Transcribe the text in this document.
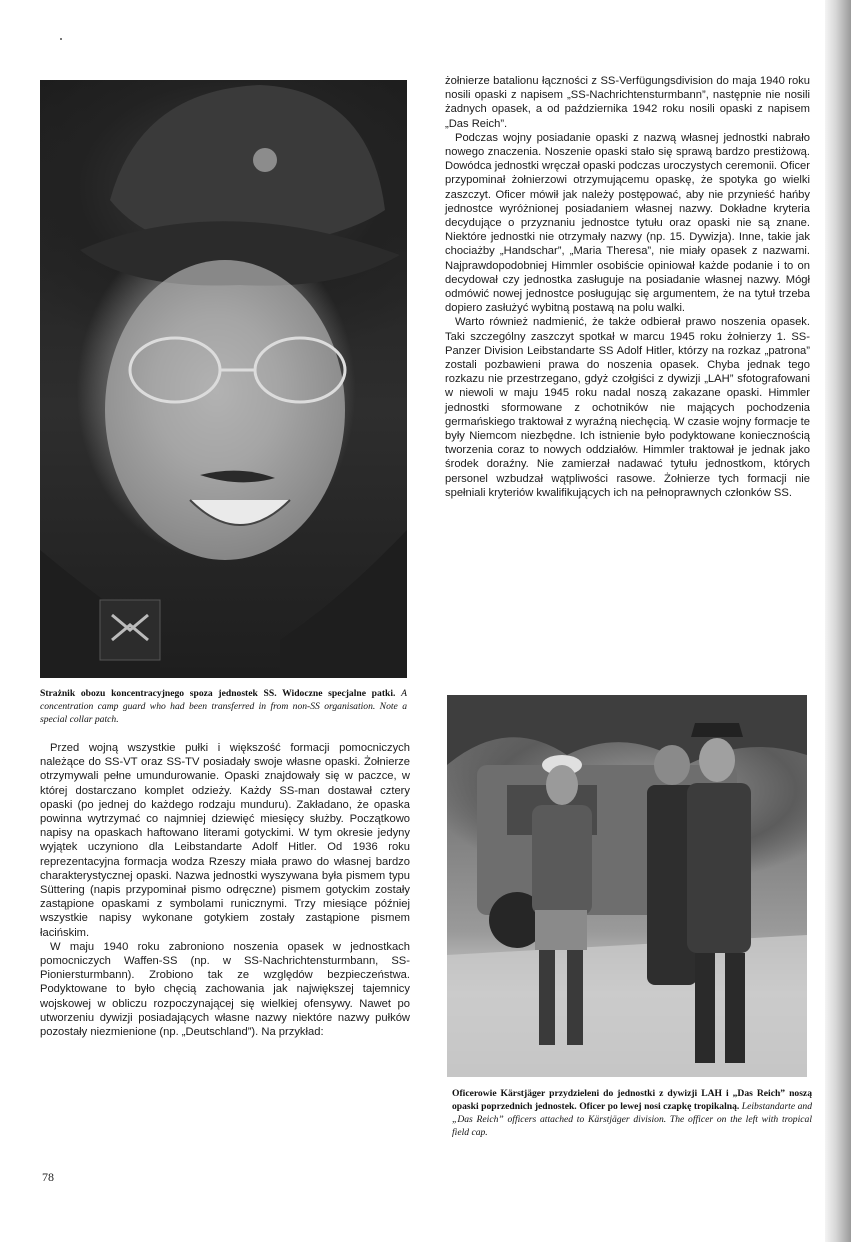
Strażnik obozu koncentracyjnego spoza jednostek SS. Widoczne specjalne patki. A concentration camp guard who had been transferred in from non-SS organisation. Note a special collar patch.

żołnierze batalionu łączności z SS-Verfügungsdivision do maja 1940 roku nosili opaski z napisem „SS-Nachrichtensturmbann”, następnie nie nosili żadnych opasek, a od października 1942 roku nosili opaski z napisem „Das Reich”.

Podczas wojny posiadanie opaski z nazwą własnej jednostki nabrało nowego znaczenia. Noszenie opaski stało się sprawą bardzo prestiżową. Dowódca jednostki wręczał opaski podczas uroczystych ceremonii. Oficer przypominał żołnierzowi otrzymującemu opaskę, że spotyka go wielki zaszczyt. Oficer mówił jak należy postępować, aby nie przynieść hańby jednostce wyróżnionej posiadaniem własnej nazwy. Dokładne kryteria decydujące o przyznaniu jednostce tytułu oraz opaski nie są znane. Niektóre jednostki nie otrzymały nazwy (np. 15. Dywizja). Inne, takie jak chociażby „Handschar”, „Maria Theresa”, nie miały opasek z nazwami. Najprawdopodobniej Himmler osobiście opiniował każde podanie i to on decydował czy jednostka zasługuje na posiadanie własnej nazwy. Mógł odmówić nowej jednostce posługując się argumentem, że na tytuł trzeba dopiero zasłużyć wybitną postawą na polu walki.

Warto również nadmienić, że także odbierał prawo noszenia opasek. Taki szczególny zaszczyt spotkał w marcu 1945 roku żołnierzy 1. SS-Panzer Division Leibstandarte SS Adolf Hitler, którzy na rozkaz „patrona” zostali pozbawieni prawa do noszenia opasek. Chyba jednak tego rozkazu nie przestrzegano, gdyż czołgiści z dywizji „LAH” sfotografowani w niewoli w maju 1945 roku nadal noszą zakazane opaski. Himmler jednostki sformowane z ochotników nie mających pochodzenia germańskiego traktował z wyraźną niechęcią. W czasie wojny formacje te były Niemcom niezbędne. Ich istnienie było podyktowane koniecznością tworzenia coraz to nowych oddziałów. Himmler traktował je jednak jako środek doraźny. Nie zamierzał nadawać tytułu jednostkom, których personel wzbudzał wątpliwości rasowe. Żołnierze tych formacji nie spełniali kryteriów kwalifikujących ich na pełnoprawnych członków SS.

Oficerowie Kärstjäger przydzieleni do jednostki z dywizji LAH i „Das Reich” noszą opaski poprzednich jednostek. Oficer po lewej nosi czapkę tropikalną. Leibstandarte and „Das Reich” officers attached to Kärstjäger division. The officer on the left with tropical field cap.

Przed wojną wszystkie pułki i większość formacji pomocniczych należące do SS-VT oraz SS-TV posiadały swoje własne opaski. Żołnierze otrzymywali pełne umundurowanie. Opaski znajdowały się w paczce, w której dostarczano komplet odzieży. Każdy SS-man dostawał cztery opaski (po jednej do każdego rodzaju munduru). Zakładano, że opaska powinna wytrzymać co najmniej dziewięć miesięcy służby. Początkowo napisy na opaskach haftowano literami gotyckimi. W tym okresie jedyny wyjątek uczyniono dla Leibstandarte Adolf Hitler. Od 1936 roku reprezentacyjna formacja wodza Rzeszy miała prawo do własnej bardzo charakterystycznej opaski. Nazwa jednostki wyszywana była pismem typu Süttering (napis przypominał pismo odręczne) pismem gotyckim zostały zastąpione opaskami z symbolami runicznymi. Trzy miesiące później wszystkie napisy wykonane gotykiem zostały zastąpione pismem łacińskim.

W maju 1940 roku zabroniono noszenia opasek w jednostkach pomocniczych Waffen-SS (np. w SS-Nachrichtensturmbann, SS-Pioniersturmbann). Zrobiono tak ze względów bezpieczeństwa. Podyktowane to było chęcią zachowania jak największej tajemnicy wojskowej w obliczu rozpoczynającej się wielkiej ofensywy. Nawet po utworzeniu dywizji posiadających własne nazwy niektóre nazwy pułków pozostały niezmienione (np. „Deutschland”). Na przykład:

78
